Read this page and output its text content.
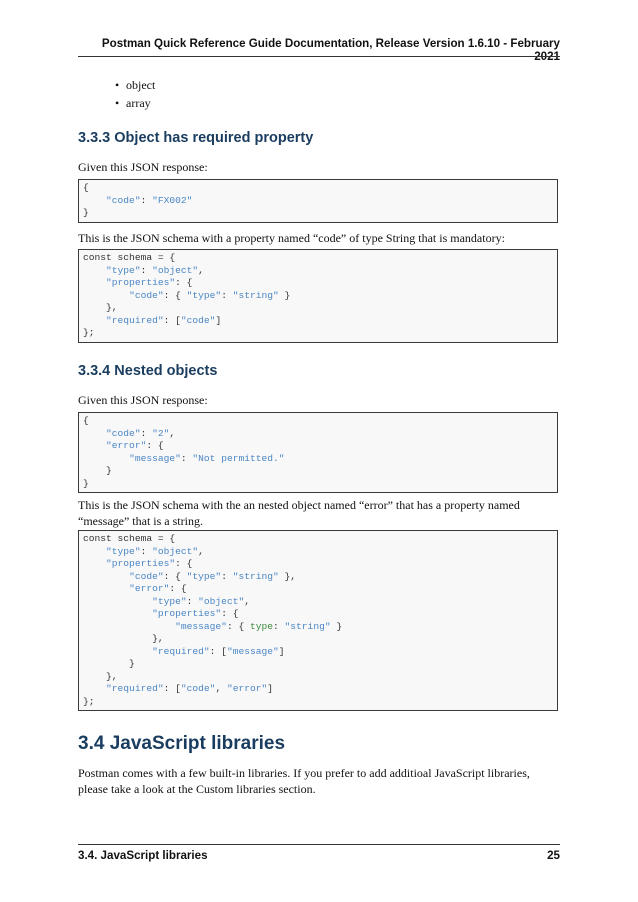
Postman Quick Reference Guide Documentation, Release Version 1.6.10 - February 2021
• object
• array
3.3.3 Object has required property

Given this JSON response:

{
"code": "FX002"
}

This is the JSON schema with a property named “code” of type String that is mandatory:

const schema = {
"type": "object",
"properties": {
"code": { "type": "string" }
},
"required": ["code"]
};
3.3.4 Nested objects

Given this JSON response:

{
"code": "2",
"error": {
"message": "Not permitted."
}
}

This is the JSON schema with the an nested object named “error” that has a property named “message” that is a string.

const schema = {
"type": "object",
"properties": {
"code": { "type": "string" },
"error": {
"type": "object",
"properties": {
"message": { type: "string" }
},
"required": ["message"]
}
},
"required": ["code", "error"]
};
3.4 JavaScript libraries

Postman comes with a few built-in libraries. If you prefer to add additioal JavaScript libraries, please take a look at the Custom libraries section.

3.4. JavaScript libraries	25
